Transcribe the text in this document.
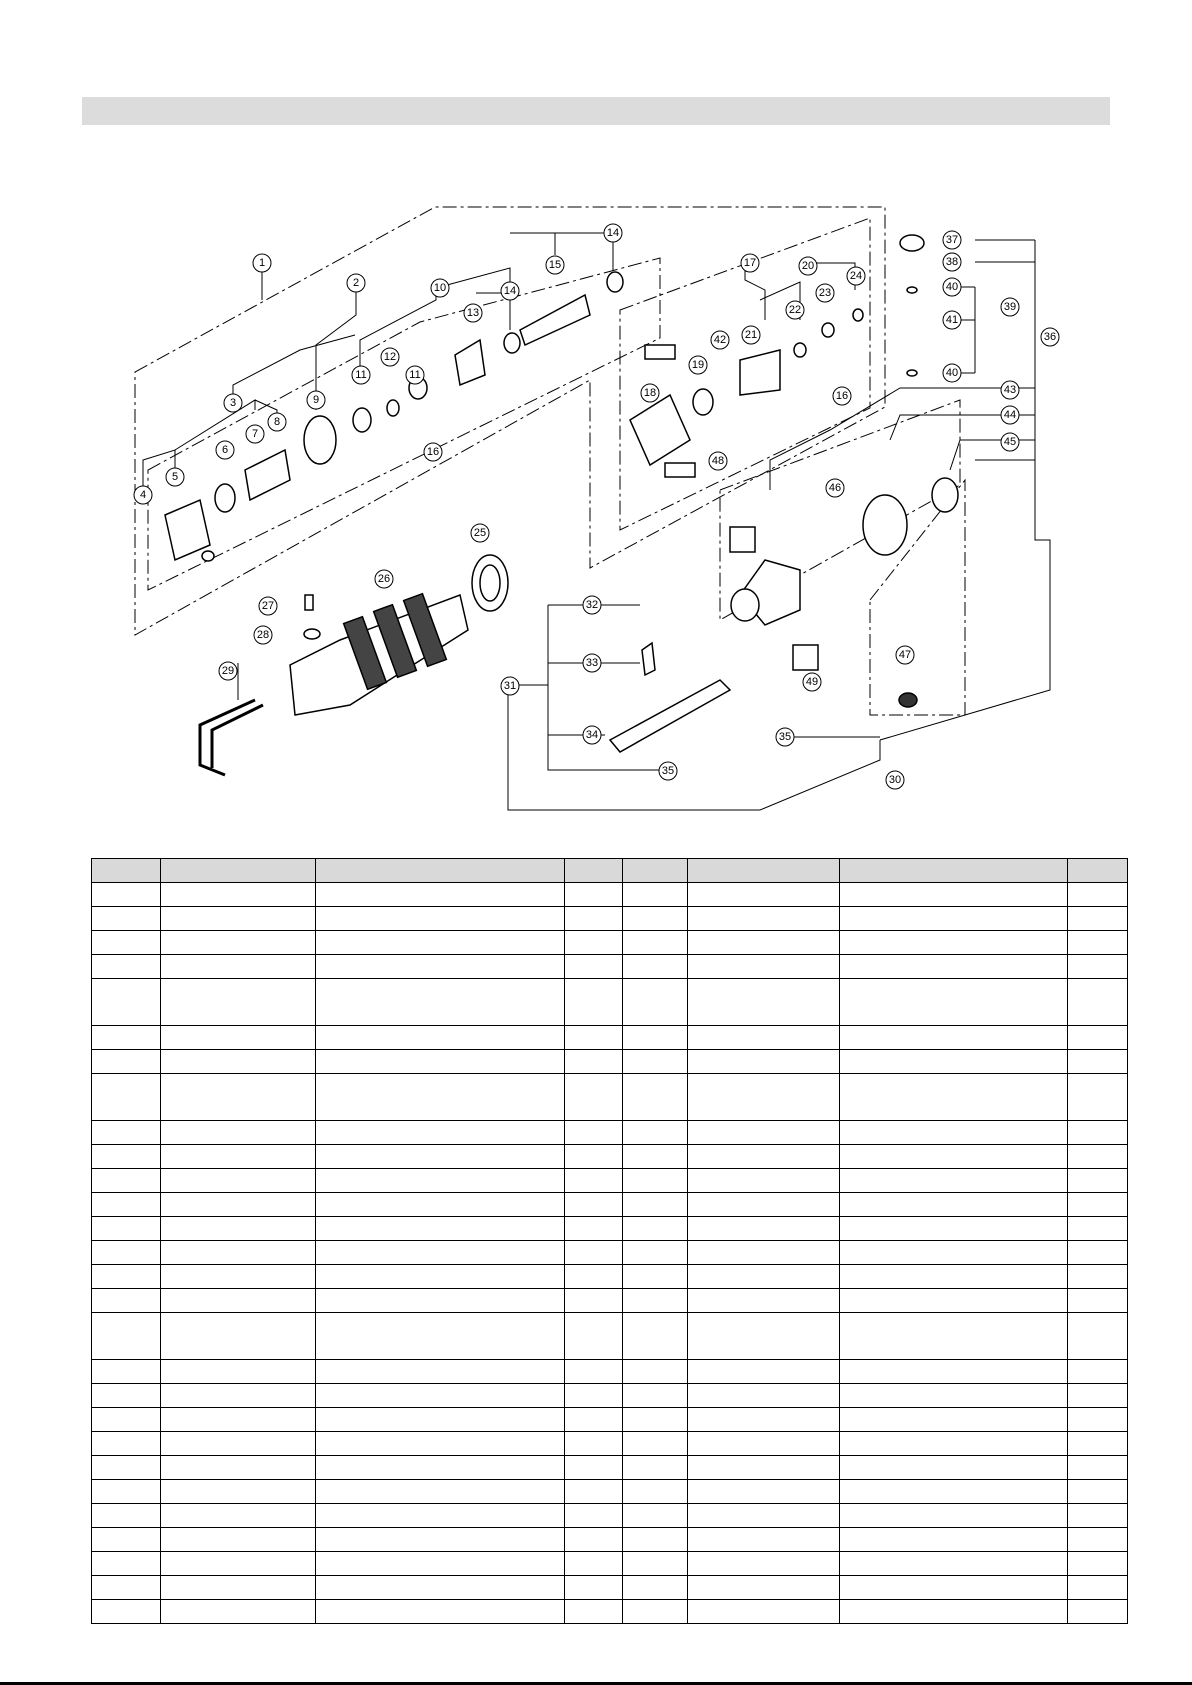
1
2
3
4
5
6
7
8
9
10
11	11
12
13
14
14
15
16
16
17
18
19
20
21
22
23
24
25
26
27
28
29
30
31
32
33
34
35
35
36
37
38
39
40
40
41
42
43
44
45
46
47
48
49
